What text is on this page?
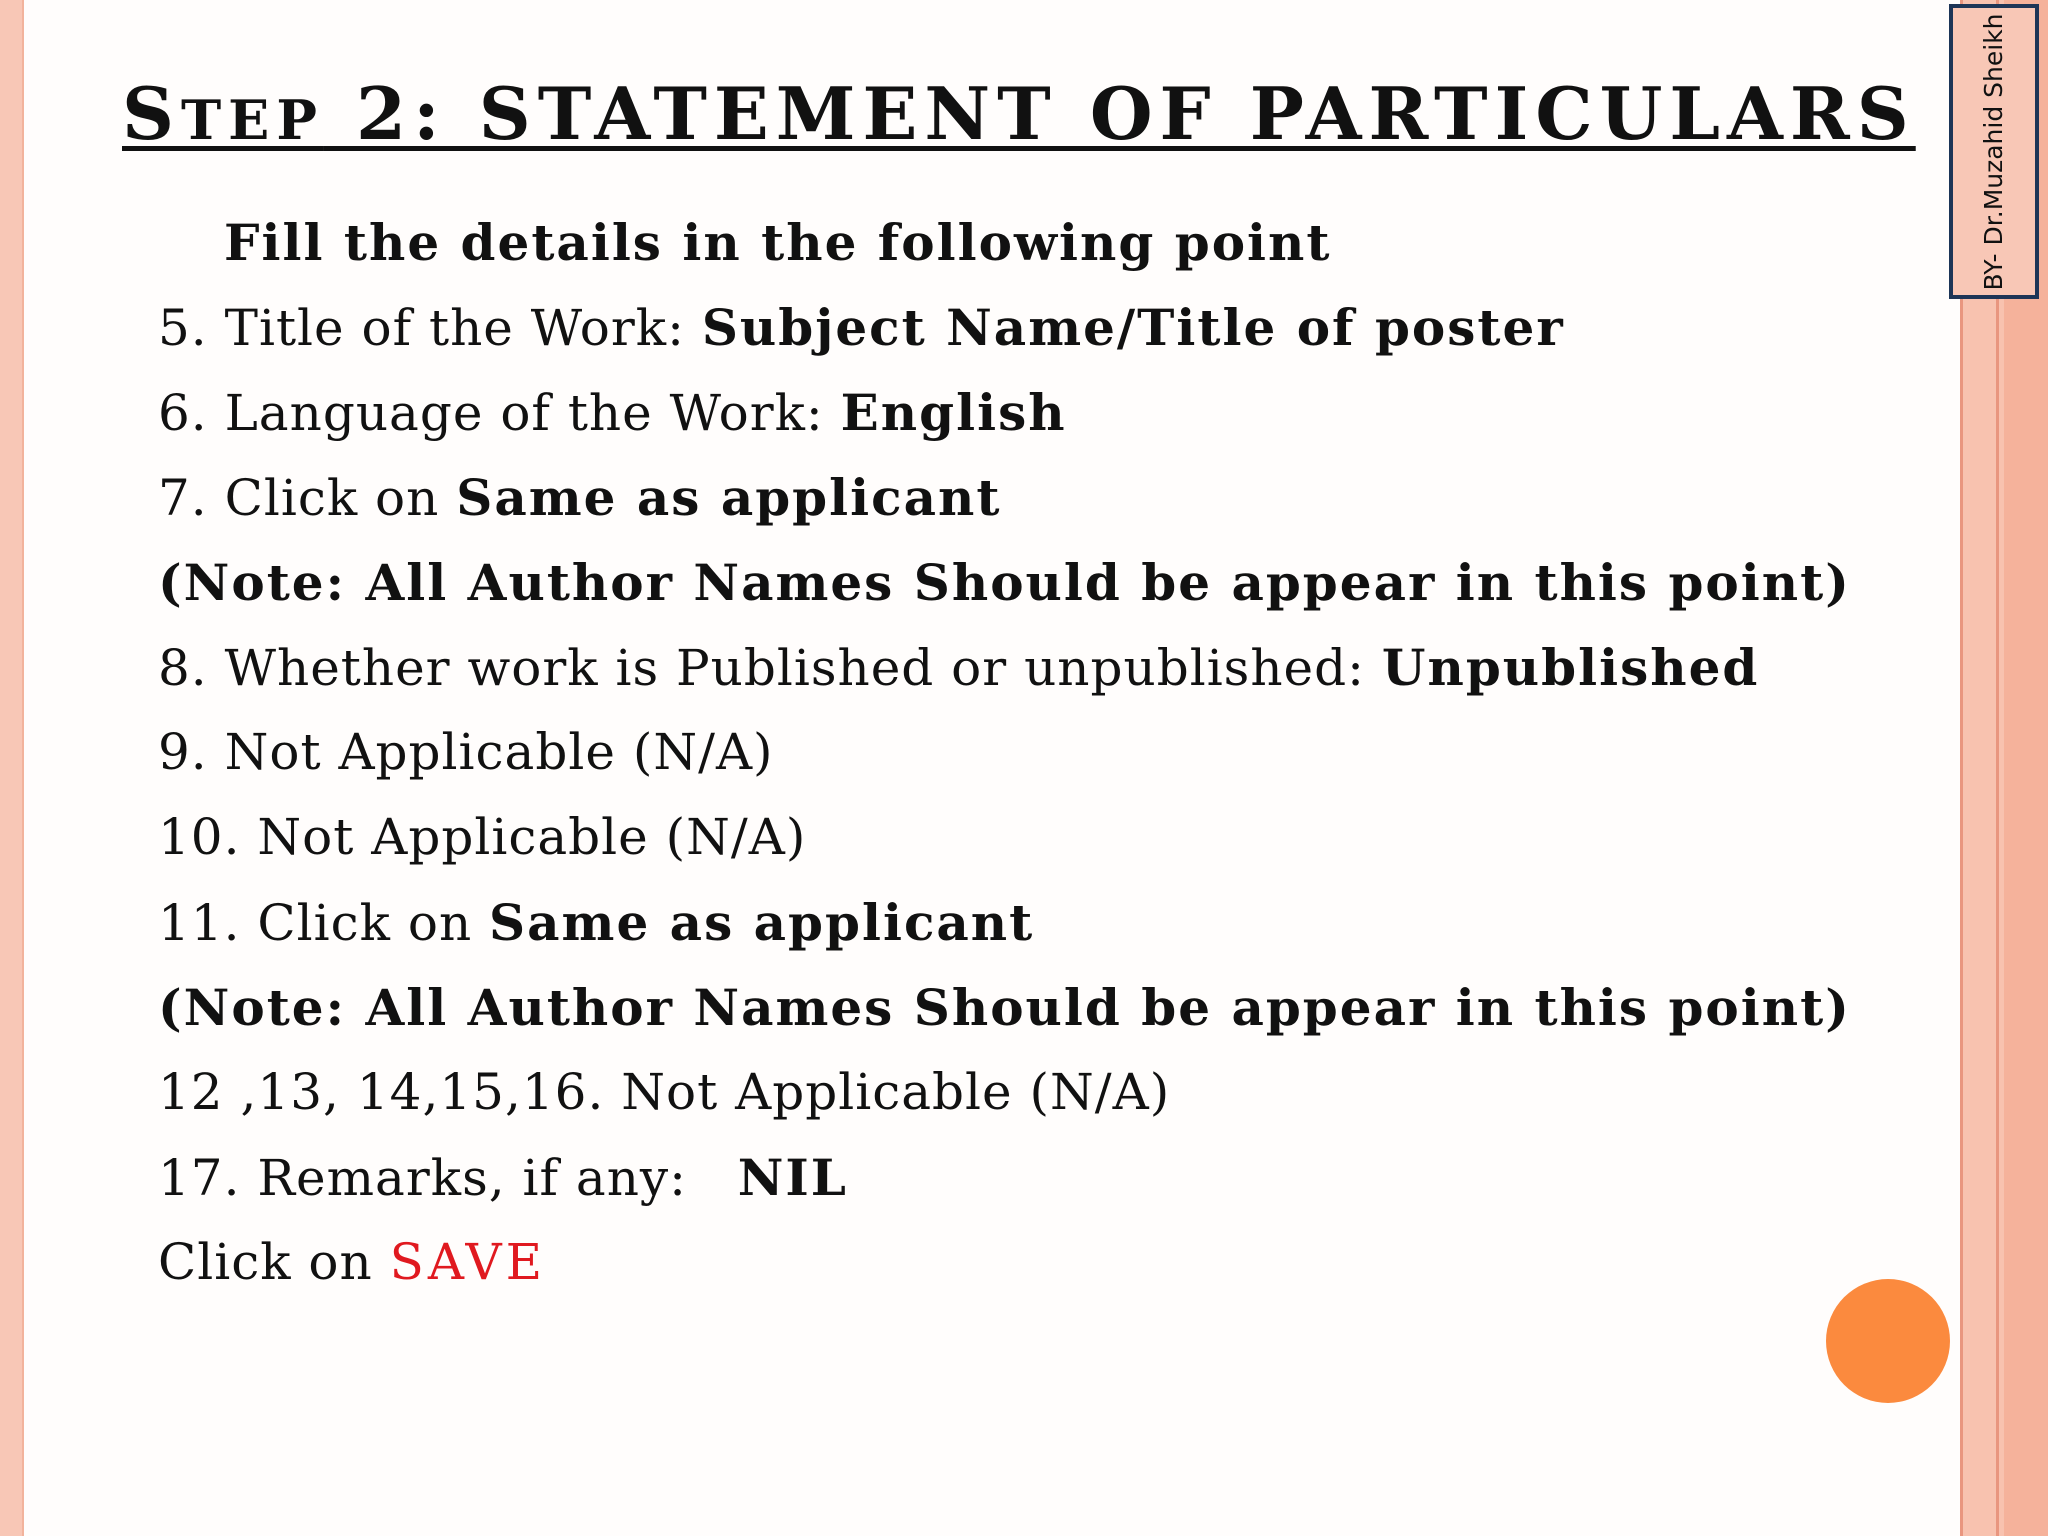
BY- Dr.Muzahid Sheikh
STEP 2: STATEMENT OF PARTICULARS
Fill the details in the following point
5. Title of the Work: Subject Name/Title of poster
6. Language of the Work: English
7. Click on Same as applicant
(Note: All Author Names Should be appear in this point)
8. Whether work is Published or unpublished: Unpublished
9. Not Applicable (N/A)
10. Not Applicable (N/A)
11. Click on Same as applicant
(Note: All Author Names Should be appear in this point)
12 ,13, 14,15,16. Not Applicable (N/A)
17. Remarks, if any:   NIL
Click on SAVE
